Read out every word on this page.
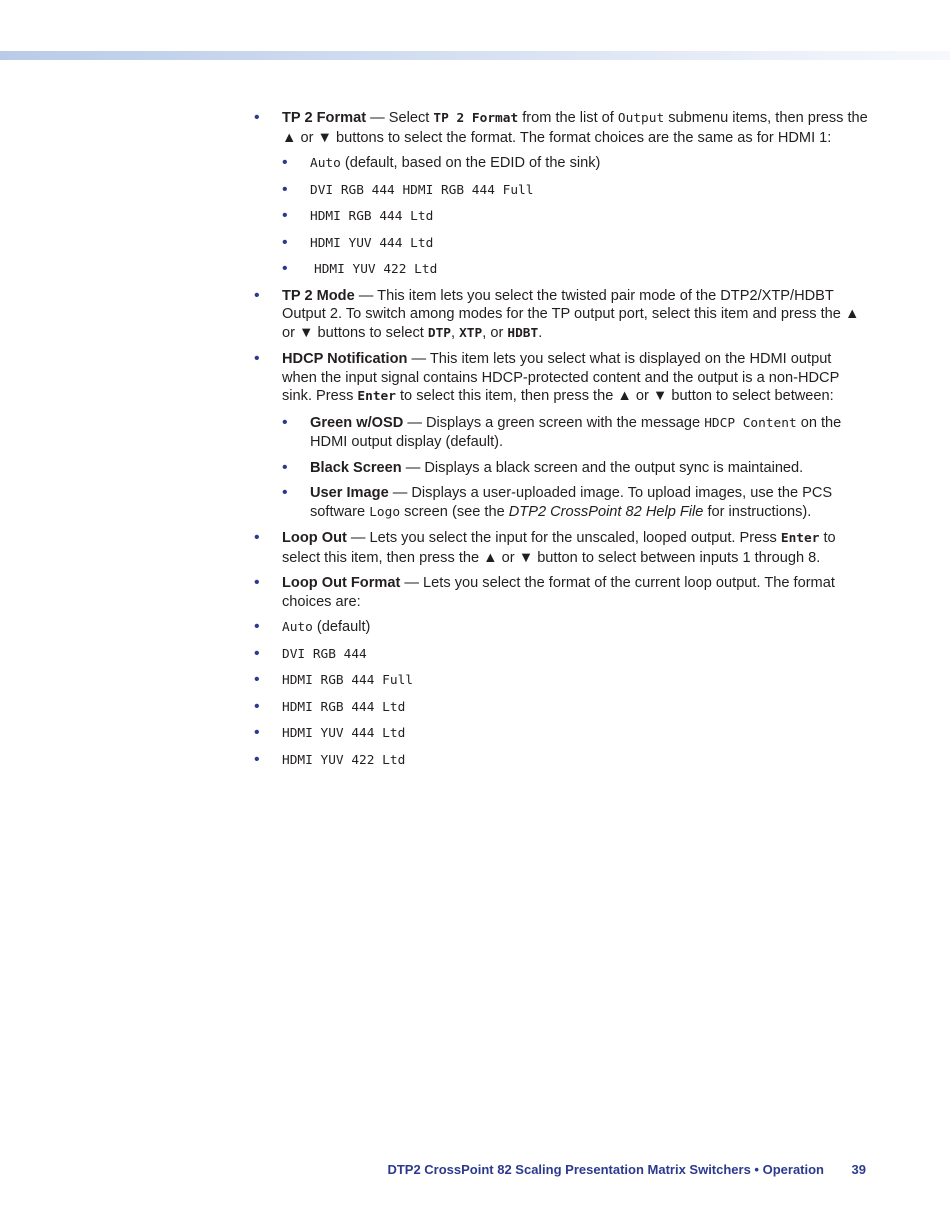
• TP 2 Format — Select TP 2 Format from the list of Output submenu items, then press the ▲ or ▼ buttons to select the format. The format choices are the same as for HDMI 1:
• Auto (default, based on the EDID of the sink)
• DVI RGB 444 HDMI RGB 444 Full
• HDMI RGB 444 Ltd
• HDMI YUV 444 Ltd
• HDMI YUV 422 Ltd
• TP 2 Mode — This item lets you select the twisted pair mode of the DTP2/XTP/HDBT Output 2. To switch among modes for the TP output port, select this item and press the ▲ or ▼ buttons to select DTP, XTP, or HDBT.
• HDCP Notification — This item lets you select what is displayed on the HDMI output when the input signal contains HDCP-protected content and the output is a non-HDCP sink. Press Enter to select this item, then press the ▲ or ▼ button to select between:
• Green w/OSD — Displays a green screen with the message HDCP Content on the HDMI output display (default).
• Black Screen — Displays a black screen and the output sync is maintained.
• User Image — Displays a user-uploaded image. To upload images, use the PCS software Logo screen (see the DTP2 CrossPoint 82 Help File for instructions).
• Loop Out — Lets you select the input for the unscaled, looped output. Press Enter to select this item, then press the ▲ or ▼ button to select between inputs 1 through 8.
• Loop Out Format — Lets you select the format of the current loop output. The format choices are:
• Auto (default)
• DVI RGB 444
• HDMI RGB 444 Full
• HDMI RGB 444 Ltd
• HDMI YUV 444 Ltd
• HDMI YUV 422 Ltd
DTP2 CrossPoint 82 Scaling Presentation Matrix Switchers • Operation 39
